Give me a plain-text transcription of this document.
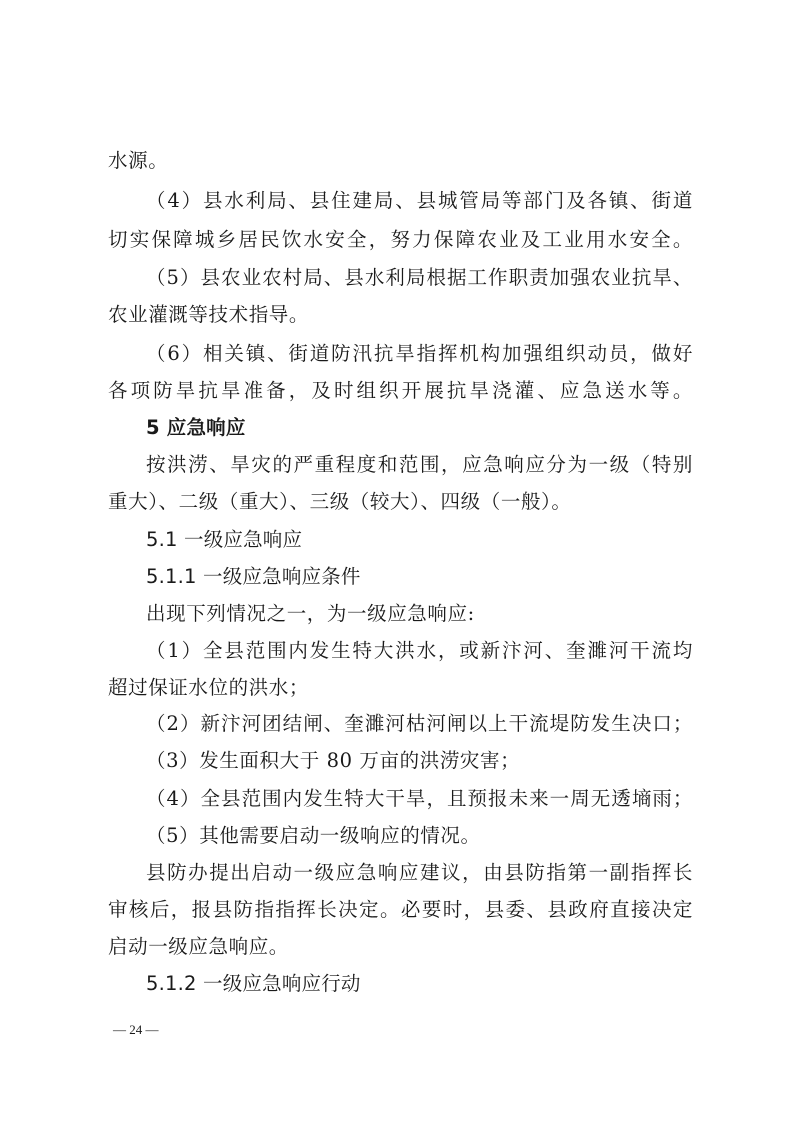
水源。
（4）县水利局、县住建局、县城管局等部门及各镇、街道
切实保障城乡居民饮水安全，努力保障农业及工业用水安全。
（5）县农业农村局、县水利局根据工作职责加强农业抗旱、
农业灌溉等技术指导。
（6）相关镇、街道防汛抗旱指挥机构加强组织动员，做好
各项防旱抗旱准备，及时组织开展抗旱浇灌、应急送水等。
5 应急响应
按洪涝、旱灾的严重程度和范围，应急响应分为一级（特别
重大）、二级（重大）、三级（较大）、四级（一般）。
5.1 一级应急响应
5.1.1 一级应急响应条件
出现下列情况之一，为一级应急响应:
（1）全县范围内发生特大洪水，或新汴河、奎濉河干流均
超过保证水位的洪水；
（2）新汴河团结闸、奎濉河枯河闸以上干流堤防发生决口；
（3）发生面积大于 80 万亩的洪涝灾害；
（4）全县范围内发生特大干旱，且预报未来一周无透墒雨；
（5）其他需要启动一级响应的情况。
县防办提出启动一级应急响应建议，由县防指第一副指挥长
审核后，报县防指指挥长决定。必要时，县委、县政府直接决定
启动一级应急响应。
5.1.2 一级应急响应行动
— 24 —
